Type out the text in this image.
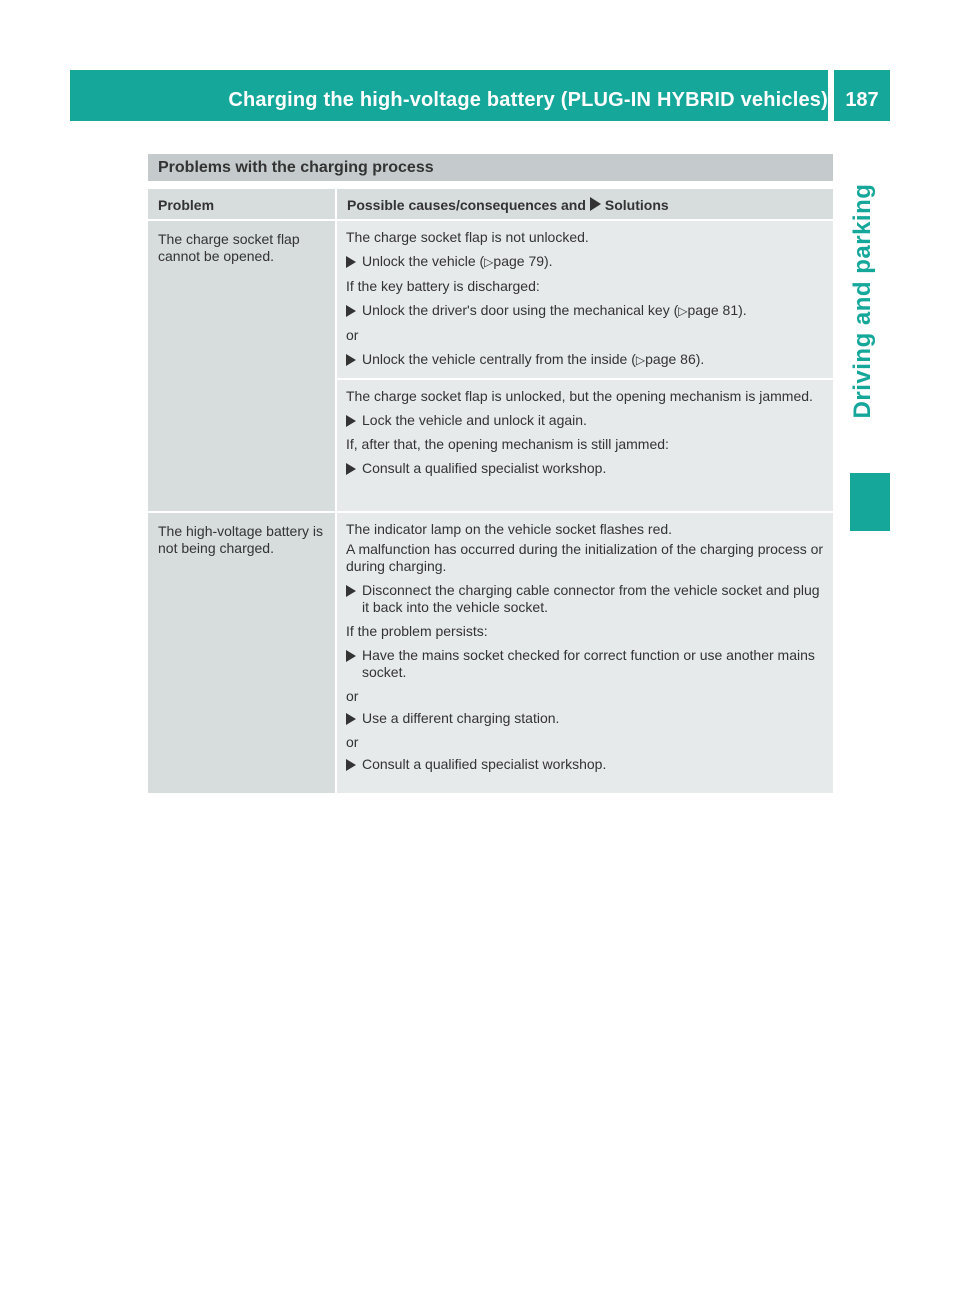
Charging the high-voltage battery (PLUG-IN HYBRID vehicles) 187
Driving and parking
Problems with the charging process
Problem	Possible causes/consequences and Solutions
The charge socket flap cannot be opened.

The charge socket flap is not unlocked.

Unlock the vehicle (▷page 79).

If the key battery is discharged:

Unlock the driver's door using the mechanical key (▷page 81).

or

Unlock the vehicle centrally from the inside (▷page 86).

The charge socket flap is unlocked, but the opening mechanism is jammed.

Lock the vehicle and unlock it again.

If, after that, the opening mechanism is still jammed:

Consult a qualified specialist workshop.
The high-voltage battery is not being charged.

The indicator lamp on the vehicle socket flashes red.

A malfunction has occurred during the initialization of the charging process or during charging.

Disconnect the charging cable connector from the vehicle socket and plug it back into the vehicle socket.

If the problem persists:

Have the mains socket checked for correct function or use another mains socket.

or

Use a different charging station.

or

Consult a qualified specialist workshop.
